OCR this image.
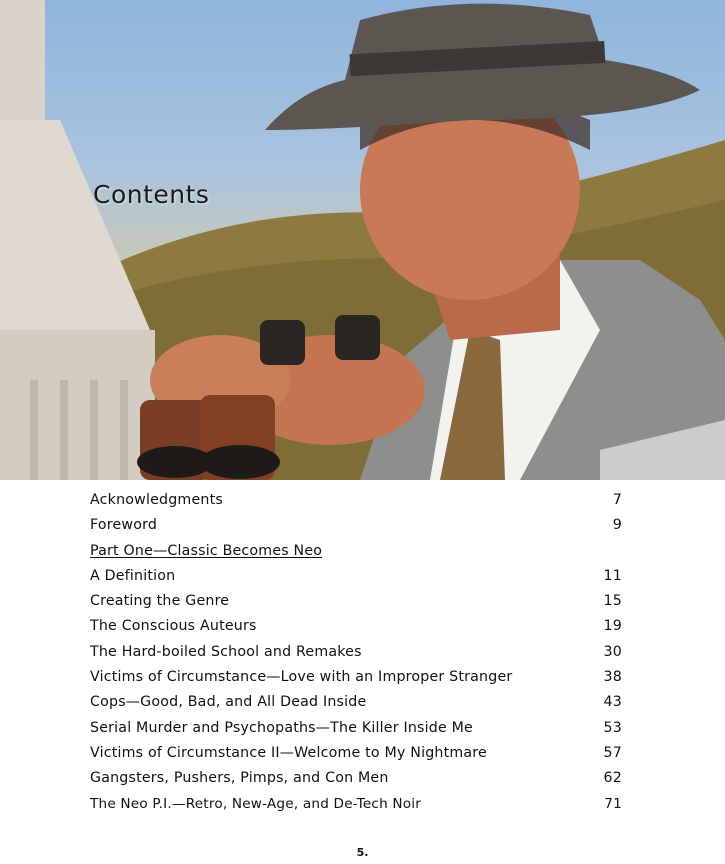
Contents
Acknowledgments	7
Foreword	9
Part One—Classic Becomes Neo
A Definition	11
Creating the Genre	15
The Conscious Auteurs	19
The Hard-boiled School and Remakes	30
Victims of Circumstance—Love with an Improper Stranger	38
Cops—Good, Bad, and All Dead Inside	43
Serial Murder and Psychopaths—The Killer Inside Me	53
Victims of Circumstance II—Welcome to My Nightmare	57
Gangsters, Pushers, Pimps, and Con Men	62
The Neo P.I.—Retro, New-Age, and De-Tech Noir	71
5.
